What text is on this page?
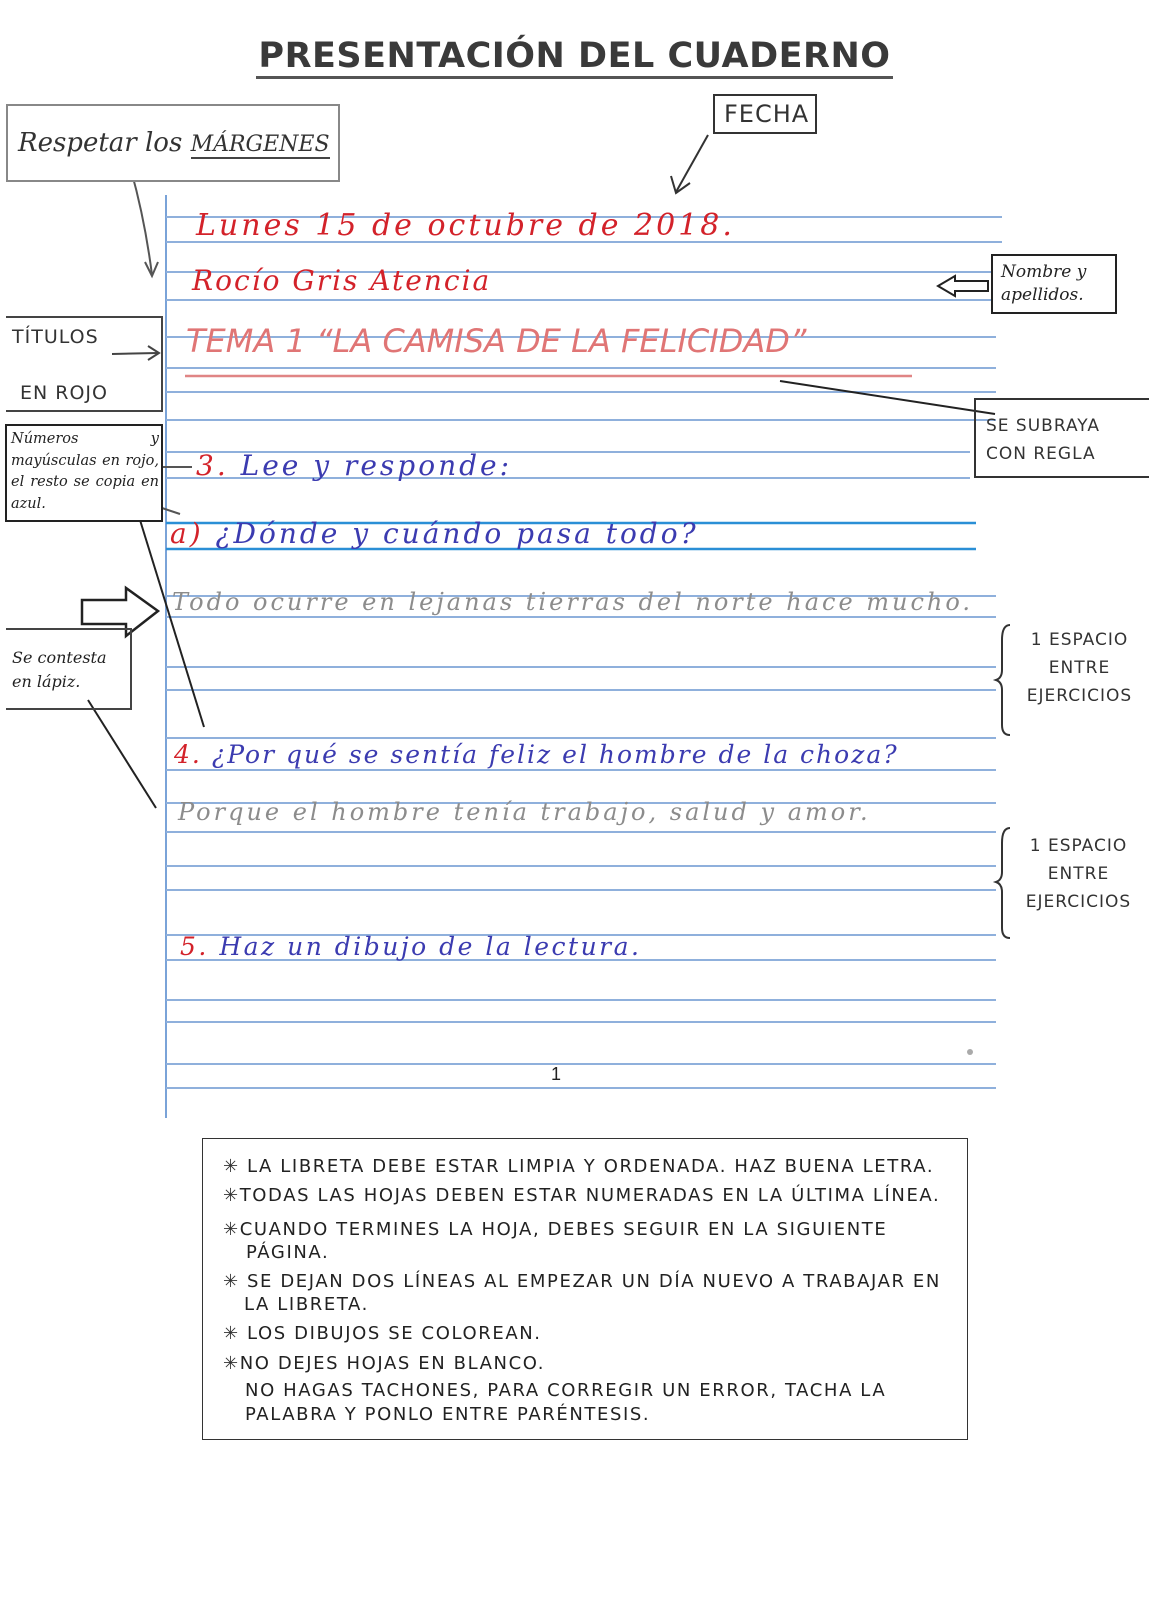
PRESENTACIÓN DEL CUADERNO
Respetar los MÁRGENES
FECHA
TÍTULOS
EN ROJO
Nombre y apellidos.
SE SUBRAYA CON REGLA
Números y mayúsculas en rojo, el resto se copia en azul.
Se contesta en lápiz.
1 ESPACIO
ENTRE
EJERCICIOS
1 ESPACIO
ENTRE
EJERCICIOS
Lunes 15 de octubre de 2018.
Rocío Gris Atencia
TEMA 1 “LA CAMISA DE LA FELICIDAD”
3. Lee y responde:
a) ¿Dónde y cuándo pasa todo?
Todo ocurre en lejanas tierras del norte hace mucho.
4. ¿Por qué se sentía feliz el hombre de la choza?
Porque el hombre tenía trabajo, salud y amor.
5. Haz un dibujo de la lectura.
1
✳︎ LA LIBRETA DEBE ESTAR LIMPIA Y ORDENADA. HAZ BUENA LETRA.
✳︎TODAS LAS HOJAS DEBEN ESTAR NUMERADAS EN LA ÚLTIMA LÍNEA.
✳︎CUANDO TERMINES LA HOJA, DEBES SEGUIR EN LA SIGUIENTE
PÁGINA.
✳︎ SE DEJAN DOS LÍNEAS AL EMPEZAR UN DÍA NUEVO A TRABAJAR EN
LA LIBRETA.
✳︎ LOS DIBUJOS SE COLOREAN.
✳︎NO DEJES HOJAS EN BLANCO.
NO HAGAS TACHONES, PARA CORREGIR UN ERROR, TACHA LA
PALABRA Y PONLO ENTRE PARÉNTESIS.
